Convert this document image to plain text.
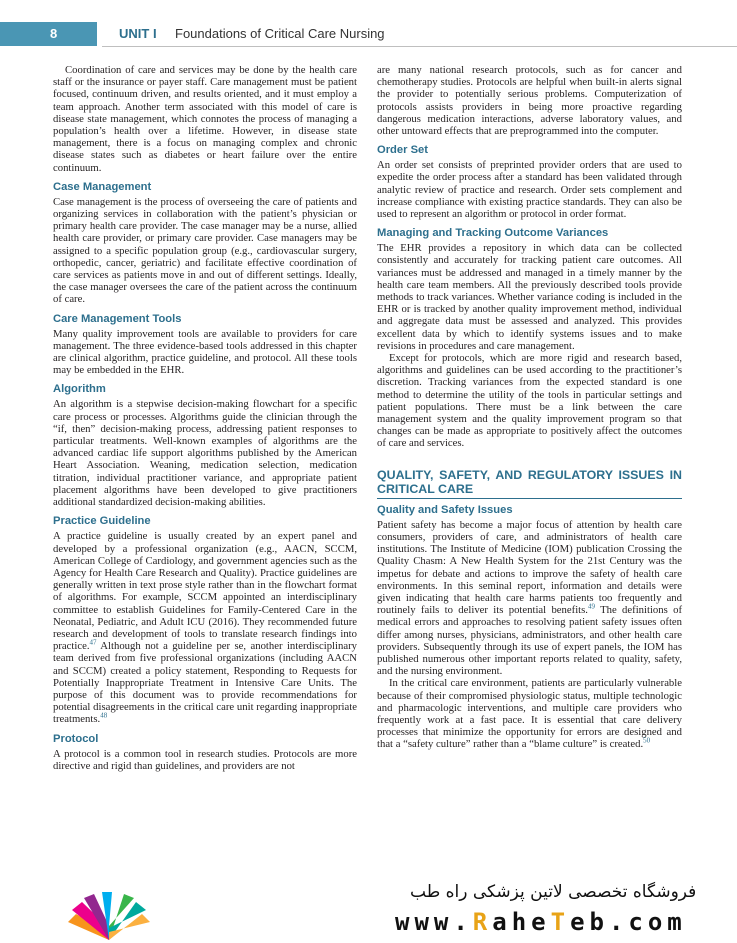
8	UNIT I Foundations of Critical Care Nursing

Coordination of care and services may be done by the health care staff or the insurance or payer staff. Care management must be patient focused, continuum driven, and results oriented, and it must employ a team approach. Another term associated with this model of care is disease state management, which connotes the process of managing a population’s health over a lifetime. However, in disease state management, there is a focus on managing complex and chronic disease states such as diabetes or heart failure over the entire continuum.

Case Management

Case management is the process of overseeing the care of patients and organizing services in collaboration with the patient’s physician or primary health care provider. The case manager may be a nurse, allied health care provider, or primary care provider. Case managers may be assigned to a specific population group (e.g., cardiovascular surgery, orthopedic, cancer, geriatric) and facilitate effective coordination of care services as patients move in and out of different settings. Ideally, the case manager oversees the care of the patient across the continuum of care.

Care Management Tools

Many quality improvement tools are available to providers for care management. The three evidence-based tools addressed in this chapter are clinical algorithm, practice guideline, and protocol. All these tools may be embedded in the EHR.

Algorithm

An algorithm is a stepwise decision-making flowchart for a specific care process or processes. Algorithms guide the clinician through the “if, then” decision-making process, addressing patient responses to particular treatments. Well-known examples of algorithms are the advanced cardiac life support algorithms published by the American Heart Association. Weaning, medication selection, medication titration, individual practitioner variance, and appropriate patient placement algorithms have been developed to give practitioners additional standardized decision-making abilities.

Practice Guideline

A practice guideline is usually created by an expert panel and developed by a professional organization (e.g., AACN, SCCM, American College of Cardiology, and government agencies such as the Agency for Health Care Research and Quality). Practice guidelines are generally written in text prose style rather than in the flowchart format of algorithms. For example, SCCM appointed an interdisciplinary committee to establish Guidelines for Family-Centered Care in the Neonatal, Pediatric, and Adult ICU (2016). They recommended future research and development of tools to translate research findings into practice.$^{47}$ Although not a guideline per se, another interdisciplinary team derived from five professional organizations (including AACN and SCCM) created a policy statement, Responding to Requests for Potentially Inappropriate Treatment in Intensive Care Units. The purpose of this document was to provide recommendations for potential disagreements in the critical care unit regarding inappropriate treatments.$^{48}$

Protocol

A protocol is a common tool in research studies. Protocols are more directive and rigid than guidelines, and providers are not

are many national research protocols, such as for cancer and chemotherapy studies. Protocols are helpful when built-in alerts signal the provider to potentially serious problems. Computerization of protocols assists providers in being more proactive regarding dangerous medication interactions, adverse laboratory values, and other untoward effects that are preprogrammed into the computer.

Order Set

An order set consists of preprinted provider orders that are used to expedite the order process after a standard has been validated through analytic review of practice and research. Order sets complement and increase compliance with existing practice standards. They can also be used to represent an algorithm or protocol in order format.

Managing and Tracking Outcome Variances

The EHR provides a repository in which data can be collected consistently and accurately for tracking patient care outcomes. All variances must be addressed and managed in a timely manner by the health care team members. All the previously described tools provide methods to track variances. Whether variance coding is included in the EHR or is tracked by another quality improvement method, individual and aggregate data must be assessed and analyzed. This provides excellent data by which to identify systems issues and to make revisions in procedures and care management.

Except for protocols, which are more rigid and research based, algorithms and guidelines can be used according to the practitioner’s discretion. Tracking variances from the expected standard is one method to determine the utility of the tools in particular settings and patient populations. There must be a link between the care management system and the quality improvement program so that changes can be made as appropriate to positively affect the outcomes of care and services.

QUALITY, SAFETY, AND REGULATORY ISSUES IN CRITICAL CARE

Quality and Safety Issues

Patient safety has become a major focus of attention by health care consumers, providers of care, and administrators of health care institutions. The Institute of Medicine (IOM) publication Crossing the Quality Chasm: A New Health System for the 21st Century was the impetus for debate and actions to improve the safety of health care environments. In this seminal report, information and details were given indicating that health care harms patients too frequently and routinely fails to deliver its potential benefits.$^{49}$ The definitions of medical errors and approaches to resolving patient safety issues often differ among nurses, physicians, administrators, and other health care providers. Subsequently through its use of expert panels, the IOM has published numerous other important reports related to quality, safety, and the nursing environment.

In the critical care environment, patients are particularly vulnerable because of their compromised physiologic status, multiple technologic and pharmacologic interventions, and multiple care providers who frequently work at a fast pace. It is essential that care delivery processes that minimize the opportunity for errors are designed and that a “safety culture” rather than a “blame culture” is created.$^{50}$

فروشگاه تخصصی لاتین پزشکی راه طب
www.RaheTeb.com
